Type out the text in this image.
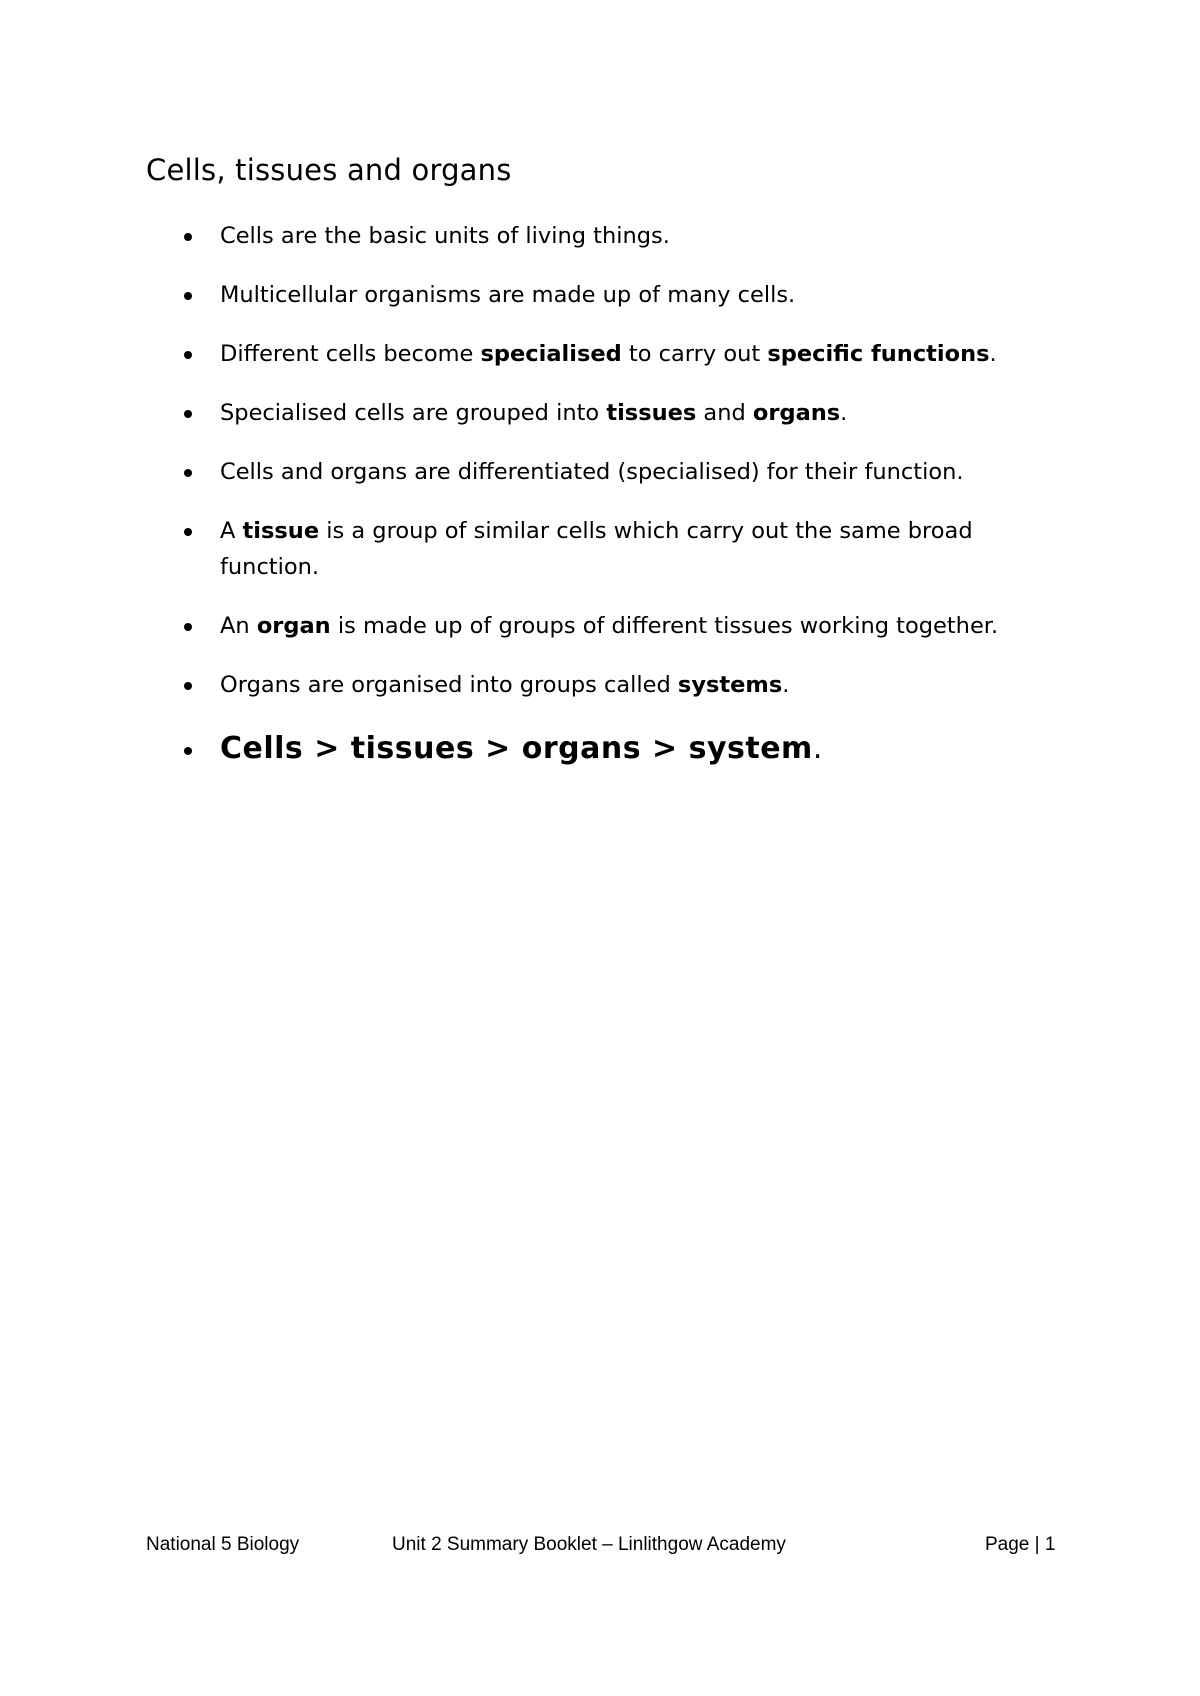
Cells, tissues and organs
Cells are the basic units of living things.
Multicellular organisms are made up of many cells.
Different cells become specialised to carry out specific functions.
Specialised cells are grouped into tissues and organs.
Cells and organs are differentiated (specialised) for their function.
A tissue is a group of similar cells which carry out the same broad function.
An organ is made up of groups of different tissues working together.
Organs are organised into groups called systems.
Cells > tissues > organs > system.
National 5 Biology	Unit 2 Summary Booklet – Linlithgow Academy	Page | 1
